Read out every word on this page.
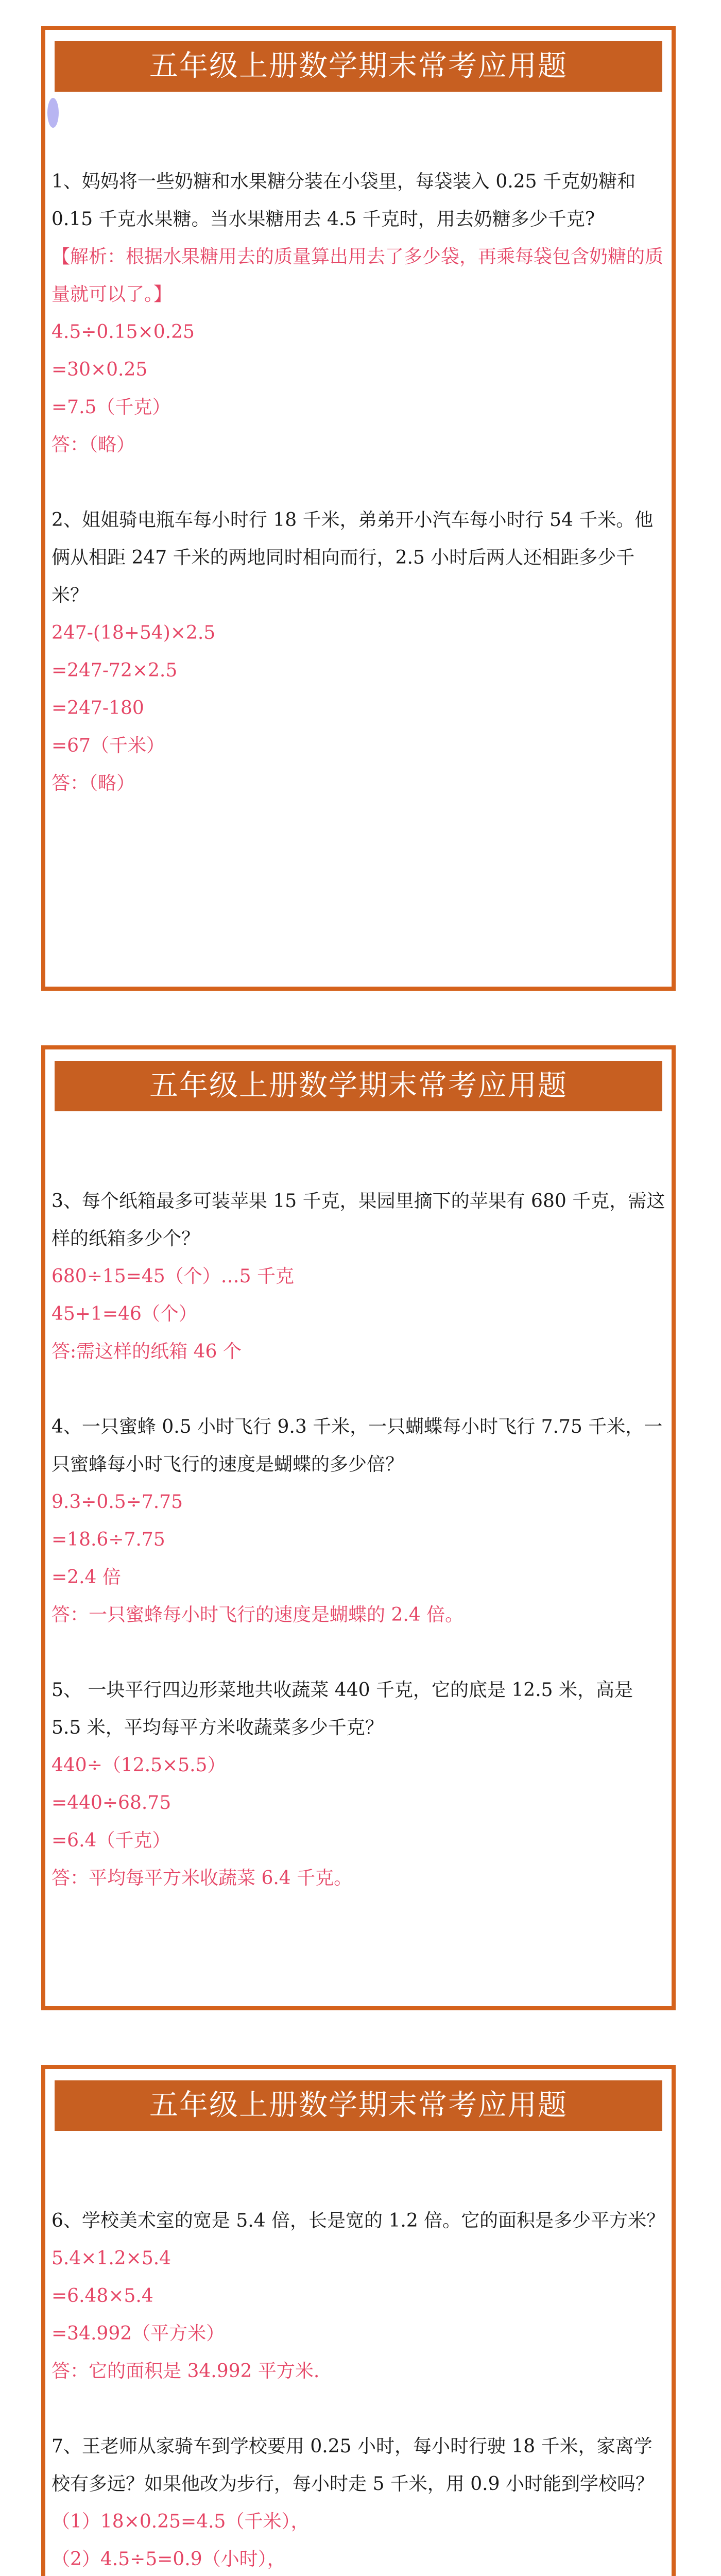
五年级上册数学期末常考应用题

1、妈妈将一些奶糖和水果糖分装在小袋里，每袋装入 0.25 千克奶糖和 0.15 千克水果糖。当水果糖用去 4.5 千克时，用去奶糖多少千克?

【解析：根据水果糖用去的质量算出用去了多少袋，再乘每袋包含奶糖的质量就可以了。】

4.5÷0.15×0.25

=30×0.25

=7.5（千克）

答：（略）

2、姐姐骑电瓶车每小时行 18 千米，弟弟开小汽车每小时行 54 千米。他俩从相距 247 千米的两地同时相向而行，2.5 小时后两人还相距多少千米？

247-(18+54)×2.5

=247-72×2.5

=247-180

=67（千米）

答：（略）

五年级上册数学期末常考应用题

3、每个纸箱最多可装苹果 15 千克，果园里摘下的苹果有 680 千克，需这样的纸箱多少个？

680÷15=45（个）…5 千克

45+1=46（个）

答:需这样的纸箱 46 个

4、一只蜜蜂 0.5 小时飞行 9.3 千米，一只蝴蝶每小时飞行 7.75 千米，一只蜜蜂每小时飞行的速度是蝴蝶的多少倍？

9.3÷0.5÷7.75

=18.6÷7.75

=2.4 倍

答：一只蜜蜂每小时飞行的速度是蝴蝶的 2.4 倍。

5、 一块平行四边形菜地共收蔬菜 440 千克，它的底是 12.5 米，高是 5.5 米，平均每平方米收蔬菜多少千克？

440÷（12.5×5.5）

=440÷68.75

=6.4（千克）

答：平均每平方米收蔬菜 6.4 千克。

五年级上册数学期末常考应用题

6、学校美术室的宽是 5.4 倍，长是宽的 1.2 倍。它的面积是多少平方米？

5.4×1.2×5.4

=6.48×5.4

=34.992（平方米）

答：它的面积是 34.992 平方米.

7、王老师从家骑车到学校要用 0.25 小时，每小时行驶 18 千米，家离学校有多远？如果他改为步行，每小时走 5 千米，用 0.9 小时能到学校吗？

（1）18×0.25=4.5（千米），

（2）4.5÷5=0.9（小时），
